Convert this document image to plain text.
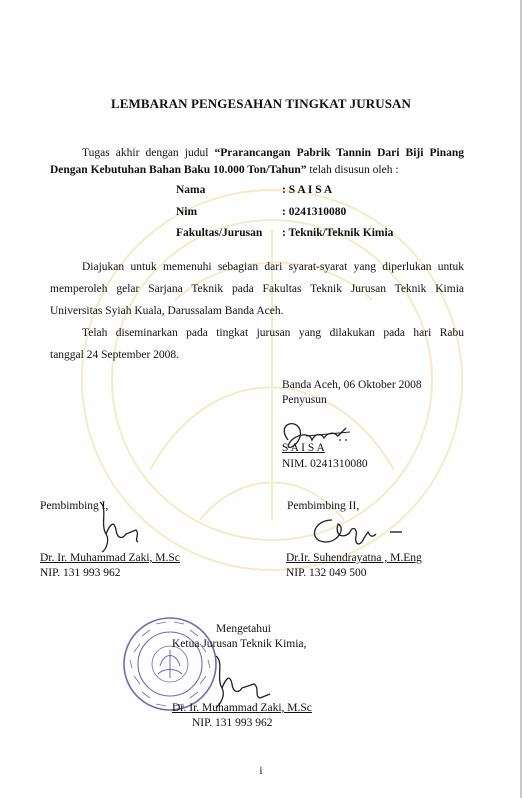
LEMBARAN PENGESAHAN TINGKAT JURUSAN
Tugas akhir dengan judul “Prarancangan Pabrik Tannin Dari Biji Pinang
Dengan Kebutuhan Bahan Baku 10.000 Ton/Tahun” telah disusun oleh :
Nama	: S A I S A
Nim	: 0241310080
Fakultas/Jurusan : Teknik/Teknik Kimia
Diajukan untuk memenuhi sebagian dari syarat-syarat yang diperlukan untuk
memperoleh gelar Sarjana Teknik pada Fakultas Teknik Jurusan Teknik Kimia
Universitas Syiah Kuala, Darussalam Banda Aceh.
Telah diseminarkan pada tingkat jurusan yang dilakukan pada hari Rabu
tanggal 24 September 2008.
Banda Aceh, 06 Oktober 2008
Penyusun
S A I S A
NIM. 0241310080
Pembimbing I,
Dr. Ir. Muhammad Zaki, M.Sc
NIP. 131 993 962
Pembimbing II,
Dr.Ir. Suhendrayatna , M.Eng
NIP. 132 049 500
Mengetahui
Ketua Jurusan Teknik Kimia,
Dr. Ir. Muhammad Zaki, M.Sc
NIP. 131 993 962
i
